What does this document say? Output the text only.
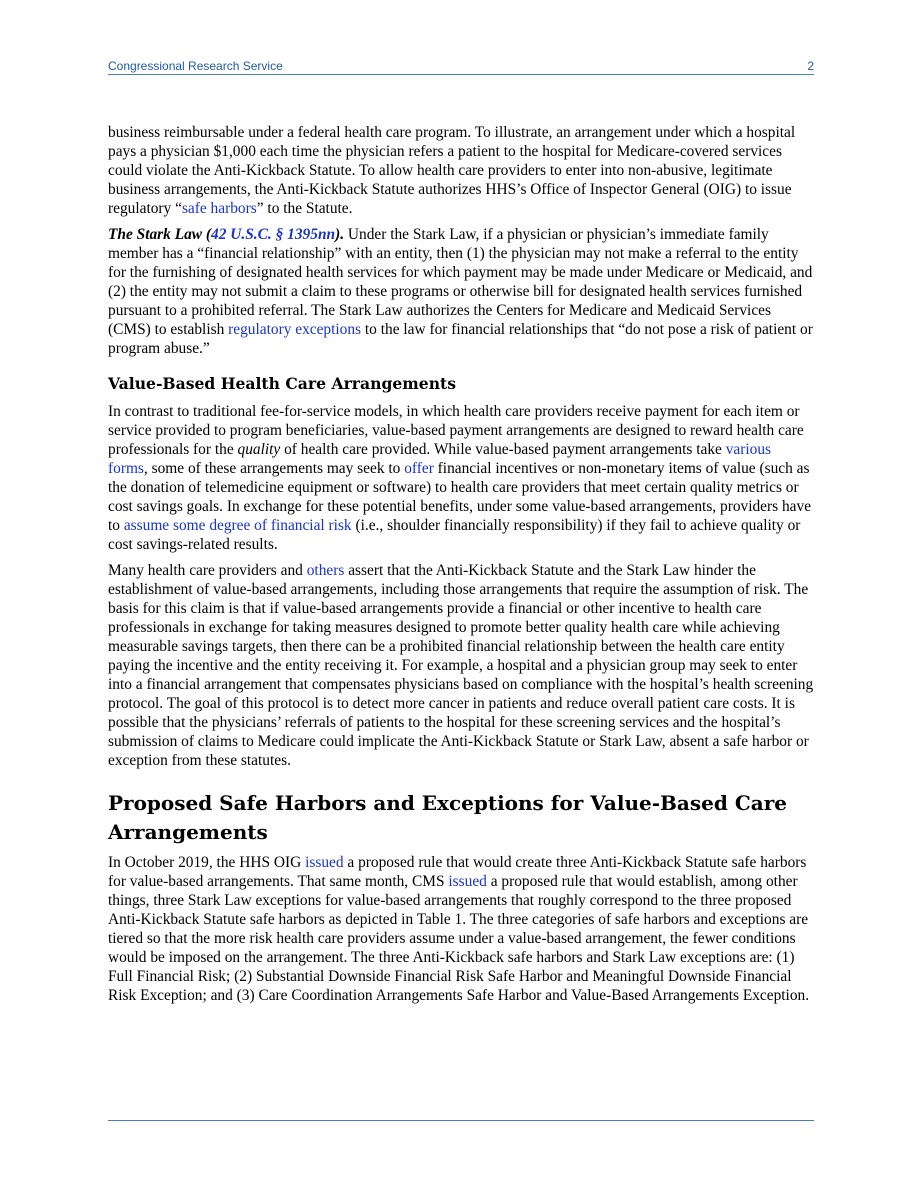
Congressional Research Service	2

business reimbursable under a federal health care program. To illustrate, an arrangement under which a hospital pays a physician $1,000 each time the physician refers a patient to the hospital for Medicare-covered services could violate the Anti-Kickback Statute. To allow health care providers to enter into non-abusive, legitimate business arrangements, the Anti-Kickback Statute authorizes HHS’s Office of Inspector General (OIG) to issue regulatory “safe harbors” to the Statute.

The Stark Law (42 U.S.C. § 1395nn). Under the Stark Law, if a physician or physician’s immediate family member has a “financial relationship” with an entity, then (1) the physician may not make a referral to the entity for the furnishing of designated health services for which payment may be made under Medicare or Medicaid, and (2) the entity may not submit a claim to these programs or otherwise bill for designated health services furnished pursuant to a prohibited referral. The Stark Law authorizes the Centers for Medicare and Medicaid Services (CMS) to establish regulatory exceptions to the law for financial relationships that “do not pose a risk of patient or program abuse.”

Value-Based Health Care Arrangements

In contrast to traditional fee-for-service models, in which health care providers receive payment for each item or service provided to program beneficiaries, value-based payment arrangements are designed to reward health care professionals for the quality of health care provided. While value-based payment arrangements take various forms, some of these arrangements may seek to offer financial incentives or non-monetary items of value (such as the donation of telemedicine equipment or software) to health care providers that meet certain quality metrics or cost savings goals. In exchange for these potential benefits, under some value-based arrangements, providers have to assume some degree of financial risk (i.e., shoulder financially responsibility) if they fail to achieve quality or cost savings-related results.

Many health care providers and others assert that the Anti-Kickback Statute and the Stark Law hinder the establishment of value-based arrangements, including those arrangements that require the assumption of risk. The basis for this claim is that if value-based arrangements provide a financial or other incentive to health care professionals in exchange for taking measures designed to promote better quality health care while achieving measurable savings targets, then there can be a prohibited financial relationship between the health care entity paying the incentive and the entity receiving it. For example, a hospital and a physician group may seek to enter into a financial arrangement that compensates physicians based on compliance with the hospital’s health screening protocol. The goal of this protocol is to detect more cancer in patients and reduce overall patient care costs. It is possible that the physicians’ referrals of patients to the hospital for these screening services and the hospital’s submission of claims to Medicare could implicate the Anti-Kickback Statute or Stark Law, absent a safe harbor or exception from these statutes.

Proposed Safe Harbors and Exceptions for Value-Based Care Arrangements

In October 2019, the HHS OIG issued a proposed rule that would create three Anti-Kickback Statute safe harbors for value-based arrangements. That same month, CMS issued a proposed rule that would establish, among other things, three Stark Law exceptions for value-based arrangements that roughly correspond to the three proposed Anti-Kickback Statute safe harbors as depicted in Table 1. The three categories of safe harbors and exceptions are tiered so that the more risk health care providers assume under a value-based arrangement, the fewer conditions would be imposed on the arrangement. The three Anti-Kickback safe harbors and Stark Law exceptions are: (1) Full Financial Risk; (2) Substantial Downside Financial Risk Safe Harbor and Meaningful Downside Financial Risk Exception; and (3) Care Coordination Arrangements Safe Harbor and Value-Based Arrangements Exception.
